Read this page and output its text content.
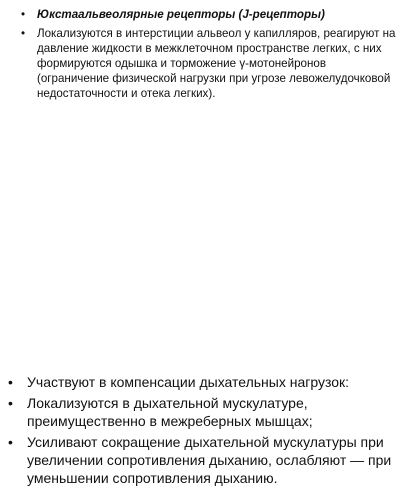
• Юкстаальвеолярные рецепторы (J-рецепторы)
• Локализуются в интерстиции альвеол у капилляров, реагируют на давление жидкости в межклеточном пространстве легких, с них формируются одышка и торможение γ-мотонейронов (ограничение физической нагрузки при угрозе левожелудочковой недостаточности и отека легких).
• Участвуют в компенсации дыхательных нагрузок:
• Локализуются в дыхательной мускулатуре, преимущественно в межреберных мышцах;
• Усиливают сокращение дыхательной мускулатуры при увеличении сопротивления дыханию, ослабляют — при уменьшении сопротивления дыханию.
